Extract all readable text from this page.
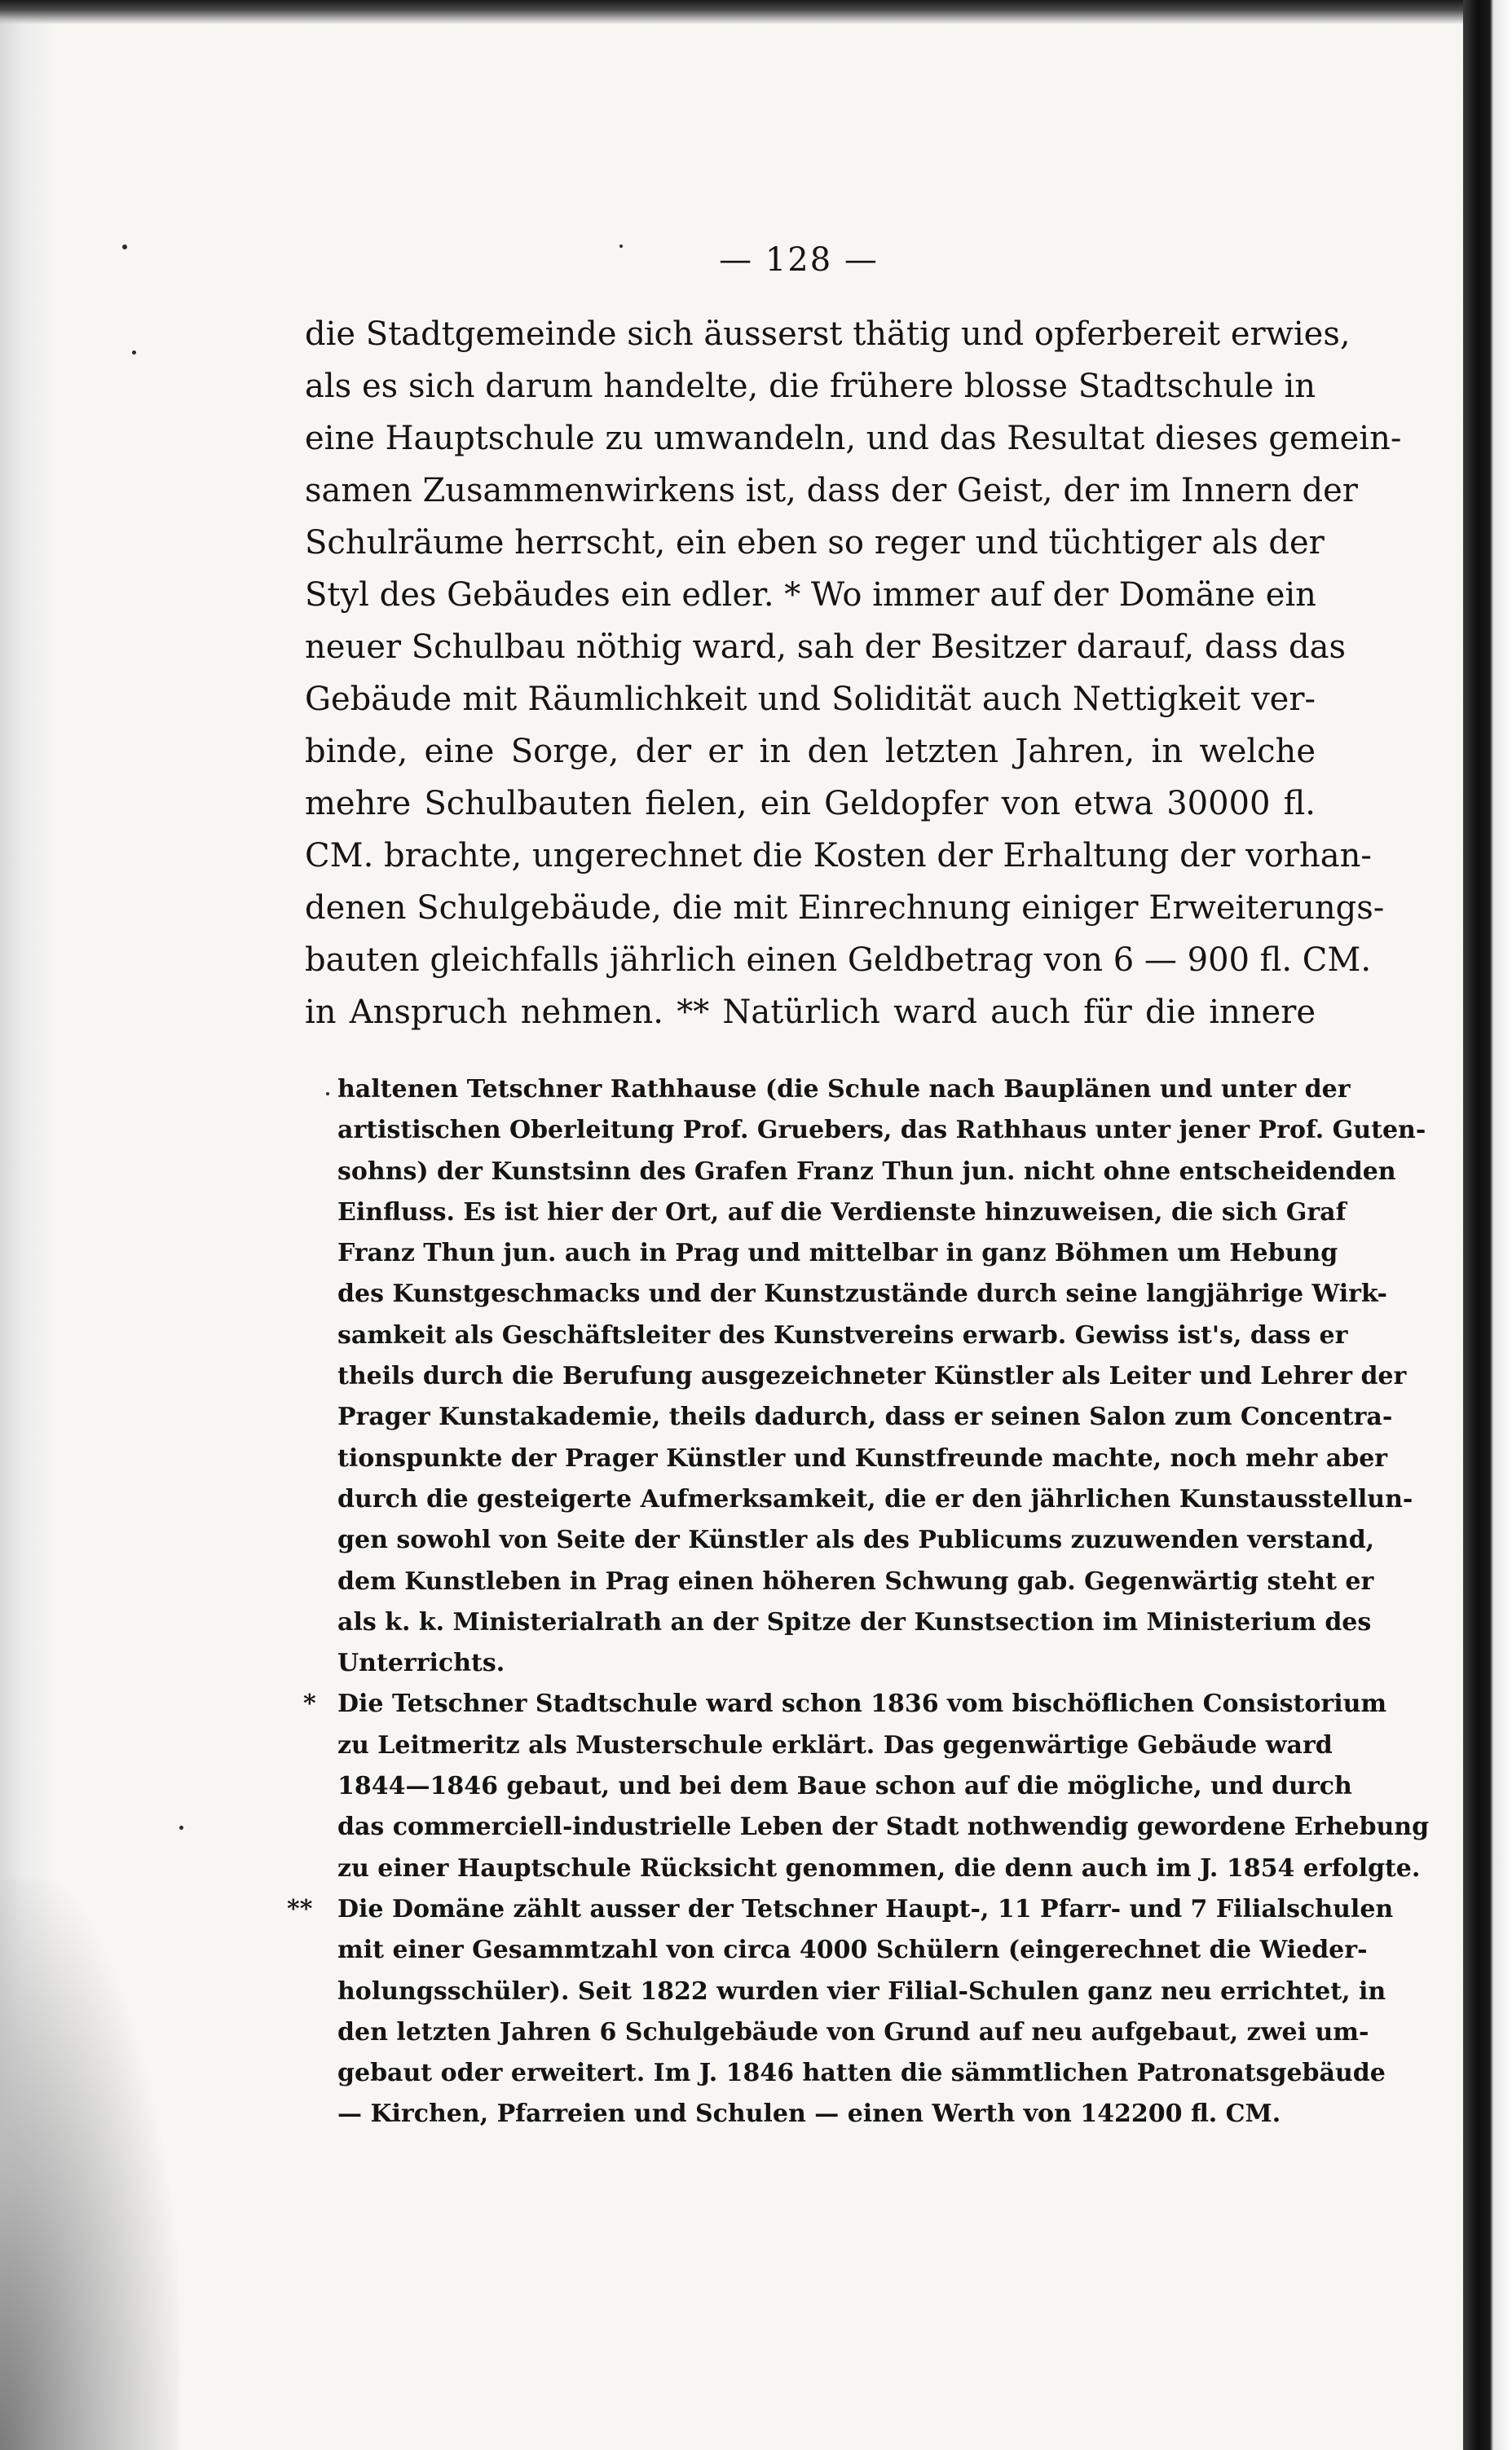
— 128 —
die Stadtgemeinde sich äusserst thätig und opferbereit erwies,
als es sich darum handelte, die frühere blosse Stadtschule in
eine Hauptschule zu umwandeln, und das Resultat dieses gemein-
samen Zusammenwirkens ist, dass der Geist, der im Innern der
Schulräume herrscht, ein eben so reger und tüchtiger als der
Styl des Gebäudes ein edler. * Wo immer auf der Domäne ein
neuer Schulbau nöthig ward, sah der Besitzer darauf, dass das
Gebäude mit Räumlichkeit und Solidität auch Nettigkeit ver-
binde, eine Sorge, der er in den letzten Jahren, in welche
mehre Schulbauten fielen, ein Geldopfer von etwa 30000 fl.
CM. brachte, ungerechnet die Kosten der Erhaltung der vorhan-
denen Schulgebäude, die mit Einrechnung einiger Erweiterungs-
bauten gleichfalls jährlich einen Geldbetrag von 6 — 900 fl. CM.
in Anspruch nehmen. ** Natürlich ward auch für die innere
haltenen Tetschner Rathhause (die Schule nach Bauplänen und unter der
artistischen Oberleitung Prof. Gruebers, das Rathhaus unter jener Prof. Guten-
sohns) der Kunstsinn des Grafen Franz Thun jun. nicht ohne entscheidenden
Einfluss. Es ist hier der Ort, auf die Verdienste hinzuweisen, die sich Graf
Franz Thun jun. auch in Prag und mittelbar in ganz Böhmen um Hebung
des Kunstgeschmacks und der Kunstzustände durch seine langjährige Wirk-
samkeit als Geschäftsleiter des Kunstvereins erwarb. Gewiss ist's, dass er
theils durch die Berufung ausgezeichneter Künstler als Leiter und Lehrer der
Prager Kunstakademie, theils dadurch, dass er seinen Salon zum Concentra-
tionspunkte der Prager Künstler und Kunstfreunde machte, noch mehr aber
durch die gesteigerte Aufmerksamkeit, die er den jährlichen Kunstausstellun-
gen sowohl von Seite der Künstler als des Publicums zuzuwenden verstand,
dem Kunstleben in Prag einen höheren Schwung gab. Gegenwärtig steht er
als k. k. Ministerialrath an der Spitze der Kunstsection im Ministerium des
Unterrichts.
* Die Tetschner Stadtschule ward schon 1836 vom bischöflichen Consistorium
zu Leitmeritz als Musterschule erklärt. Das gegenwärtige Gebäude ward
1844—1846 gebaut, und bei dem Baue schon auf die mögliche, und durch
das commerciell-industrielle Leben der Stadt nothwendig gewordene Erhebung
zu einer Hauptschule Rücksicht genommen, die denn auch im J. 1854 erfolgte.
**	Die Domäne zählt ausser der Tetschner Haupt-, 11 Pfarr- und 7 Filialschulen
mit einer Gesammtzahl von circa 4000 Schülern (eingerechnet die Wieder-
holungsschüler). Seit 1822 wurden vier Filial-Schulen ganz neu errichtet, in
den letzten Jahren 6 Schulgebäude von Grund auf neu aufgebaut, zwei um-
gebaut oder erweitert. Im J. 1846 hatten die sämmtlichen Patronatsgebäude
— Kirchen, Pfarreien und Schulen — einen Werth von 142200 fl. CM.
